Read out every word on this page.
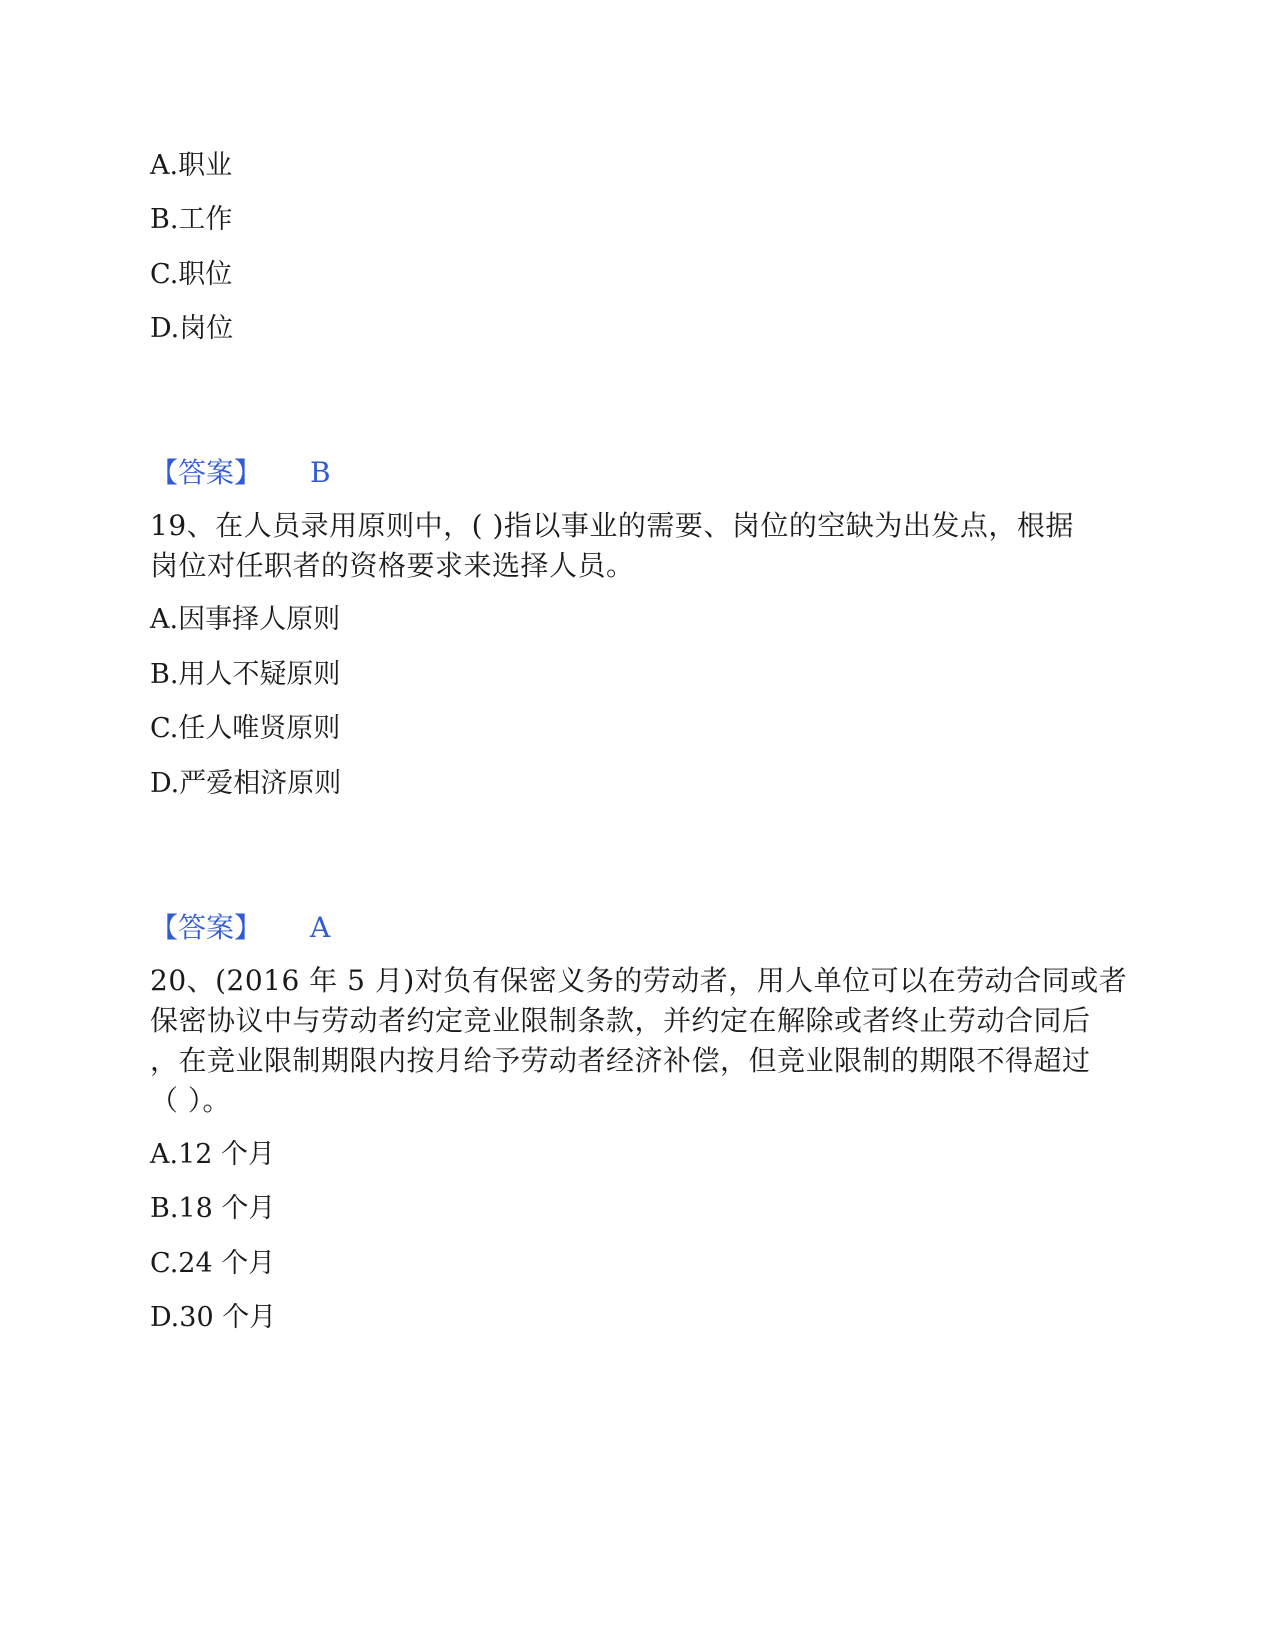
A.职业
B.工作
C.职位
D.岗位
【答案】 B
19、在人员录用原则中，( )指以事业的需要、岗位的空缺为出发点，根据
岗位对任职者的资格要求来选择人员。
A.因事择人原则
B.用人不疑原则
C.任人唯贤原则
D.严爱相济原则
【答案】 A
20、(2016 年 5 月)对负有保密义务的劳动者，用人单位可以在劳动合同或者
保密协议中与劳动者约定竞业限制条款，并约定在解除或者终止劳动合同后
，在竞业限制期限内按月给予劳动者经济补偿，但竞业限制的期限不得超过
（ ）。
A.12 个月
B.18 个月
C.24 个月
D.30 个月
